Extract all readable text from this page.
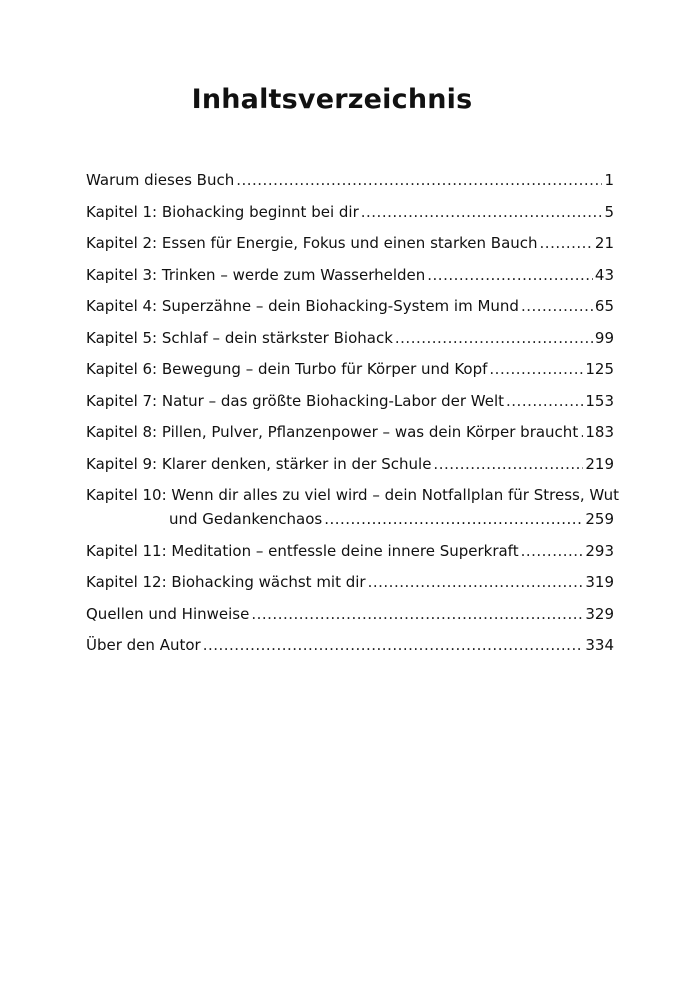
Inhaltsverzeichnis
Warum dieses Buch .....	1
Kapitel 1: Biohacking beginnt bei dir .....	5
Kapitel 2: Essen für Energie, Fokus und einen starken Bauch .....	21
Kapitel 3: Trinken – werde zum Wasserhelden .....	43
Kapitel 4: Superzähne – dein Biohacking-System im Mund .....	65
Kapitel 5: Schlaf – dein stärkster Biohack .....	99
Kapitel 6: Bewegung – dein Turbo für Körper und Kopf .....	125
Kapitel 7: Natur – das größte Biohacking-Labor der Welt .....	153
Kapitel 8: Pillen, Pulver, Pflanzenpower – was dein Körper braucht ..... 183
Kapitel 9: Klarer denken, stärker in der Schule .....	219
Kapitel 10: Wenn dir alles zu viel wird – dein Notfallplan für Stress, Wut
und Gedankenchaos .....	259
Kapitel 11: Meditation – entfessle deine innere Superkraft .....	293
Kapitel 12: Biohacking wächst mit dir .....	319
Quellen und Hinweise .....	329
Über den Autor .....	334
